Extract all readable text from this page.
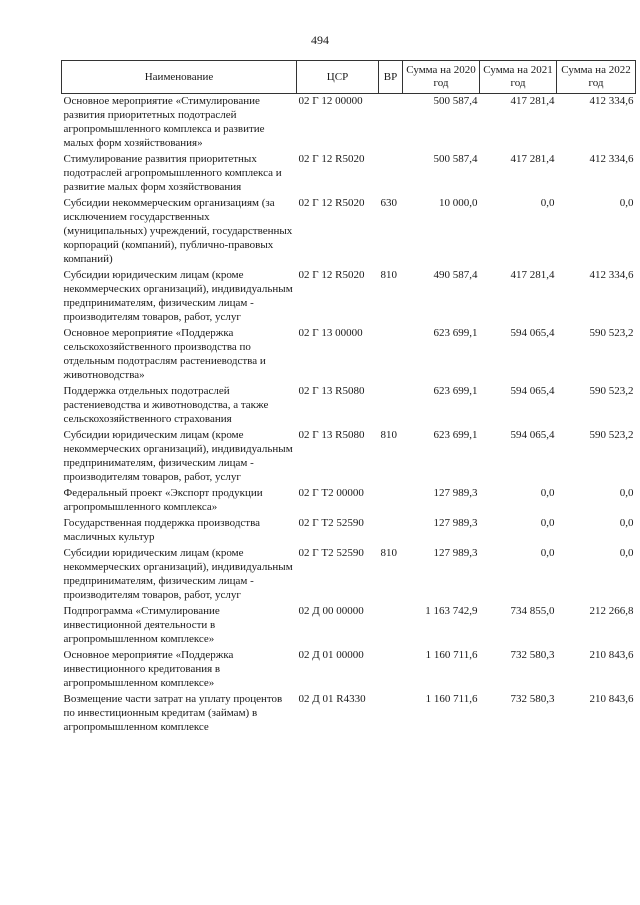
494
Наименование	ЦСР	ВР	Сумма на 2020 год	Сумма на 2021 год	Сумма на 2022 год
Основное мероприятие «Стимулирование развития приоритетных подотраслей агропромышленного комплекса и развитие малых форм хозяйствования»	02 Г 12 00000		500 587,4	417 281,4	412 334,6
Стимулирование развития приоритетных подотраслей агропромышленного комплекса и развитие малых форм хозяйствования	02 Г 12 R5020		500 587,4	417 281,4	412 334,6
Субсидии некоммерческим организациям (за исключением государственных (муниципальных) учреждений, государственных корпораций (компаний), публично-правовых компаний)	02 Г 12 R5020	630	10 000,0	0,0	0,0
Субсидии юридическим лицам (кроме некоммерческих организаций), индивидуальным предпринимателям, физическим лицам - производителям товаров, работ, услуг	02 Г 12 R5020	810	490 587,4	417 281,4	412 334,6
Основное мероприятие «Поддержка сельскохозяйственного производства по отдельным подотраслям растениеводства и животноводства»	02 Г 13 00000		623 699,1	594 065,4	590 523,2
Поддержка отдельных подотраслей растениеводства и животноводства, а также сельскохозяйственного страхования	02 Г 13 R5080		623 699,1	594 065,4	590 523,2
Субсидии юридическим лицам (кроме некоммерческих организаций), индивидуальным предпринимателям, физическим лицам - производителям товаров, работ, услуг	02 Г 13 R5080	810	623 699,1	594 065,4	590 523,2
Федеральный проект «Экспорт продукции агропромышленного комплекса»	02 Г Т2 00000		127 989,3	0,0	0,0
Государственная поддержка производства масличных культур	02 Г Т2 52590		127 989,3	0,0	0,0
Субсидии юридическим лицам (кроме некоммерческих организаций), индивидуальным предпринимателям, физическим лицам - производителям товаров, работ, услуг	02 Г Т2 52590	810	127 989,3	0,0	0,0
Подпрограмма «Стимулирование инвестиционной деятельности в агропромышленном комплексе»	02 Д 00 00000		1 163 742,9	734 855,0	212 266,8
Основное мероприятие «Поддержка инвестиционного кредитования в агропромышленном комплексе»	02 Д 01 00000		1 160 711,6	732 580,3	210 843,6
Возмещение части затрат на уплату процентов по инвестиционным кредитам (займам) в агропромышленном комплексе	02 Д 01 R4330		1 160 711,6	732 580,3	210 843,6
